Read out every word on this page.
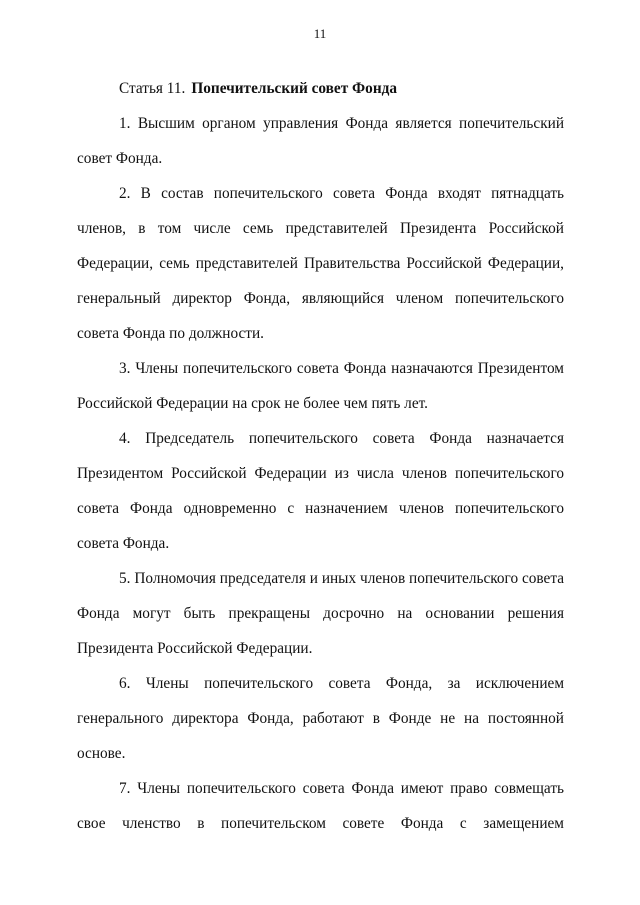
11

Статья 11. Попечительский совет Фонда

1. Высшим органом управления Фонда является попечительский совет Фонда.

2. В состав попечительского совета Фонда входят пятнадцать членов, в том числе семь представителей Президента Российской Федерации, семь представителей Правительства Российской Федерации, генеральный директор Фонда, являющийся членом попечительского совета Фонда по должности.

3. Члены попечительского совета Фонда назначаются Президентом Российской Федерации на срок не более чем пять лет.

4. Председатель попечительского совета Фонда назначается Президентом Российской Федерации из числа членов попечительского совета Фонда одновременно с назначением членов попечительского совета Фонда.

5. Полномочия председателя и иных членов попечительского совета Фонда могут быть прекращены досрочно на основании решения Президента Российской Федерации.

6. Члены попечительского совета Фонда, за исключением генерального директора Фонда, работают в Фонде не на постоянной основе.

7. Члены попечительского совета Фонда имеют право совмещать свое членство в попечительском совете Фонда с замещением
